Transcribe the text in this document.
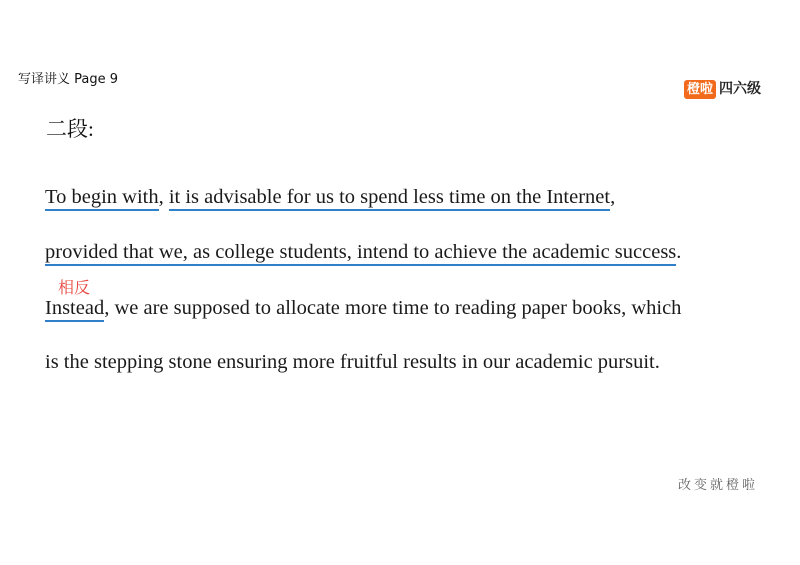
写译讲义 Page 9
橙啦 四六级
二段:
To begin with, it is advisable for us to spend less time on the Internet,
provided that we, as college students, intend to achieve the academic success.
相反
Instead, we are supposed to allocate more time to reading paper books, which
is the stepping stone ensuring more fruitful results in our academic pursuit.
改变就橙啦
